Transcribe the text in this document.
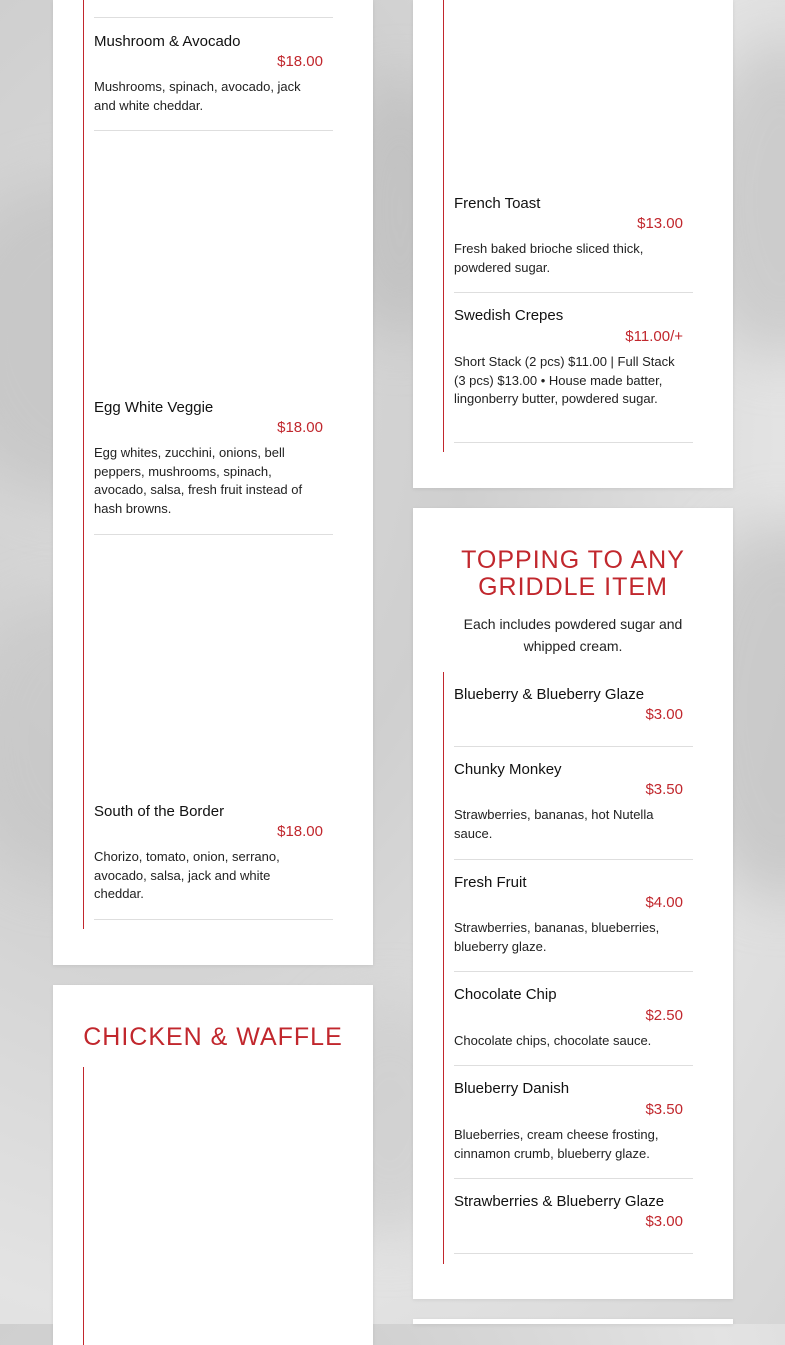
Mushroom & Avocado
$18.00
Mushrooms, spinach, avocado, jack and white cheddar.
Egg White Veggie
$18.00
Egg whites, zucchini, onions, bell peppers, mushrooms, spinach, avocado, salsa, fresh fruit instead of hash browns.
South of the Border
$18.00
Chorizo, tomato, onion, serrano, avocado, salsa, jack and white cheddar.
CHICKEN & WAFFLE
French Toast
$13.00
Fresh baked brioche sliced thick, powdered sugar.
Swedish Crepes
$11.00/+
Short Stack (2 pcs) $11.00 | Full Stack (3 pcs) $13.00 • House made batter, lingonberry butter, powdered sugar.
TOPPING TO ANY GRIDDLE ITEM
Each includes powdered sugar and whipped cream.
Blueberry & Blueberry Glaze
$3.00
Chunky Monkey
$3.50
Strawberries, bananas, hot Nutella sauce.
Fresh Fruit
$4.00
Strawberries, bananas, blueberries, blueberry glaze.
Chocolate Chip
$2.50
Chocolate chips, chocolate sauce.
Blueberry Danish
$3.50
Blueberries, cream cheese frosting, cinnamon crumb, blueberry glaze.
Strawberries & Blueberry Glaze
$3.00
